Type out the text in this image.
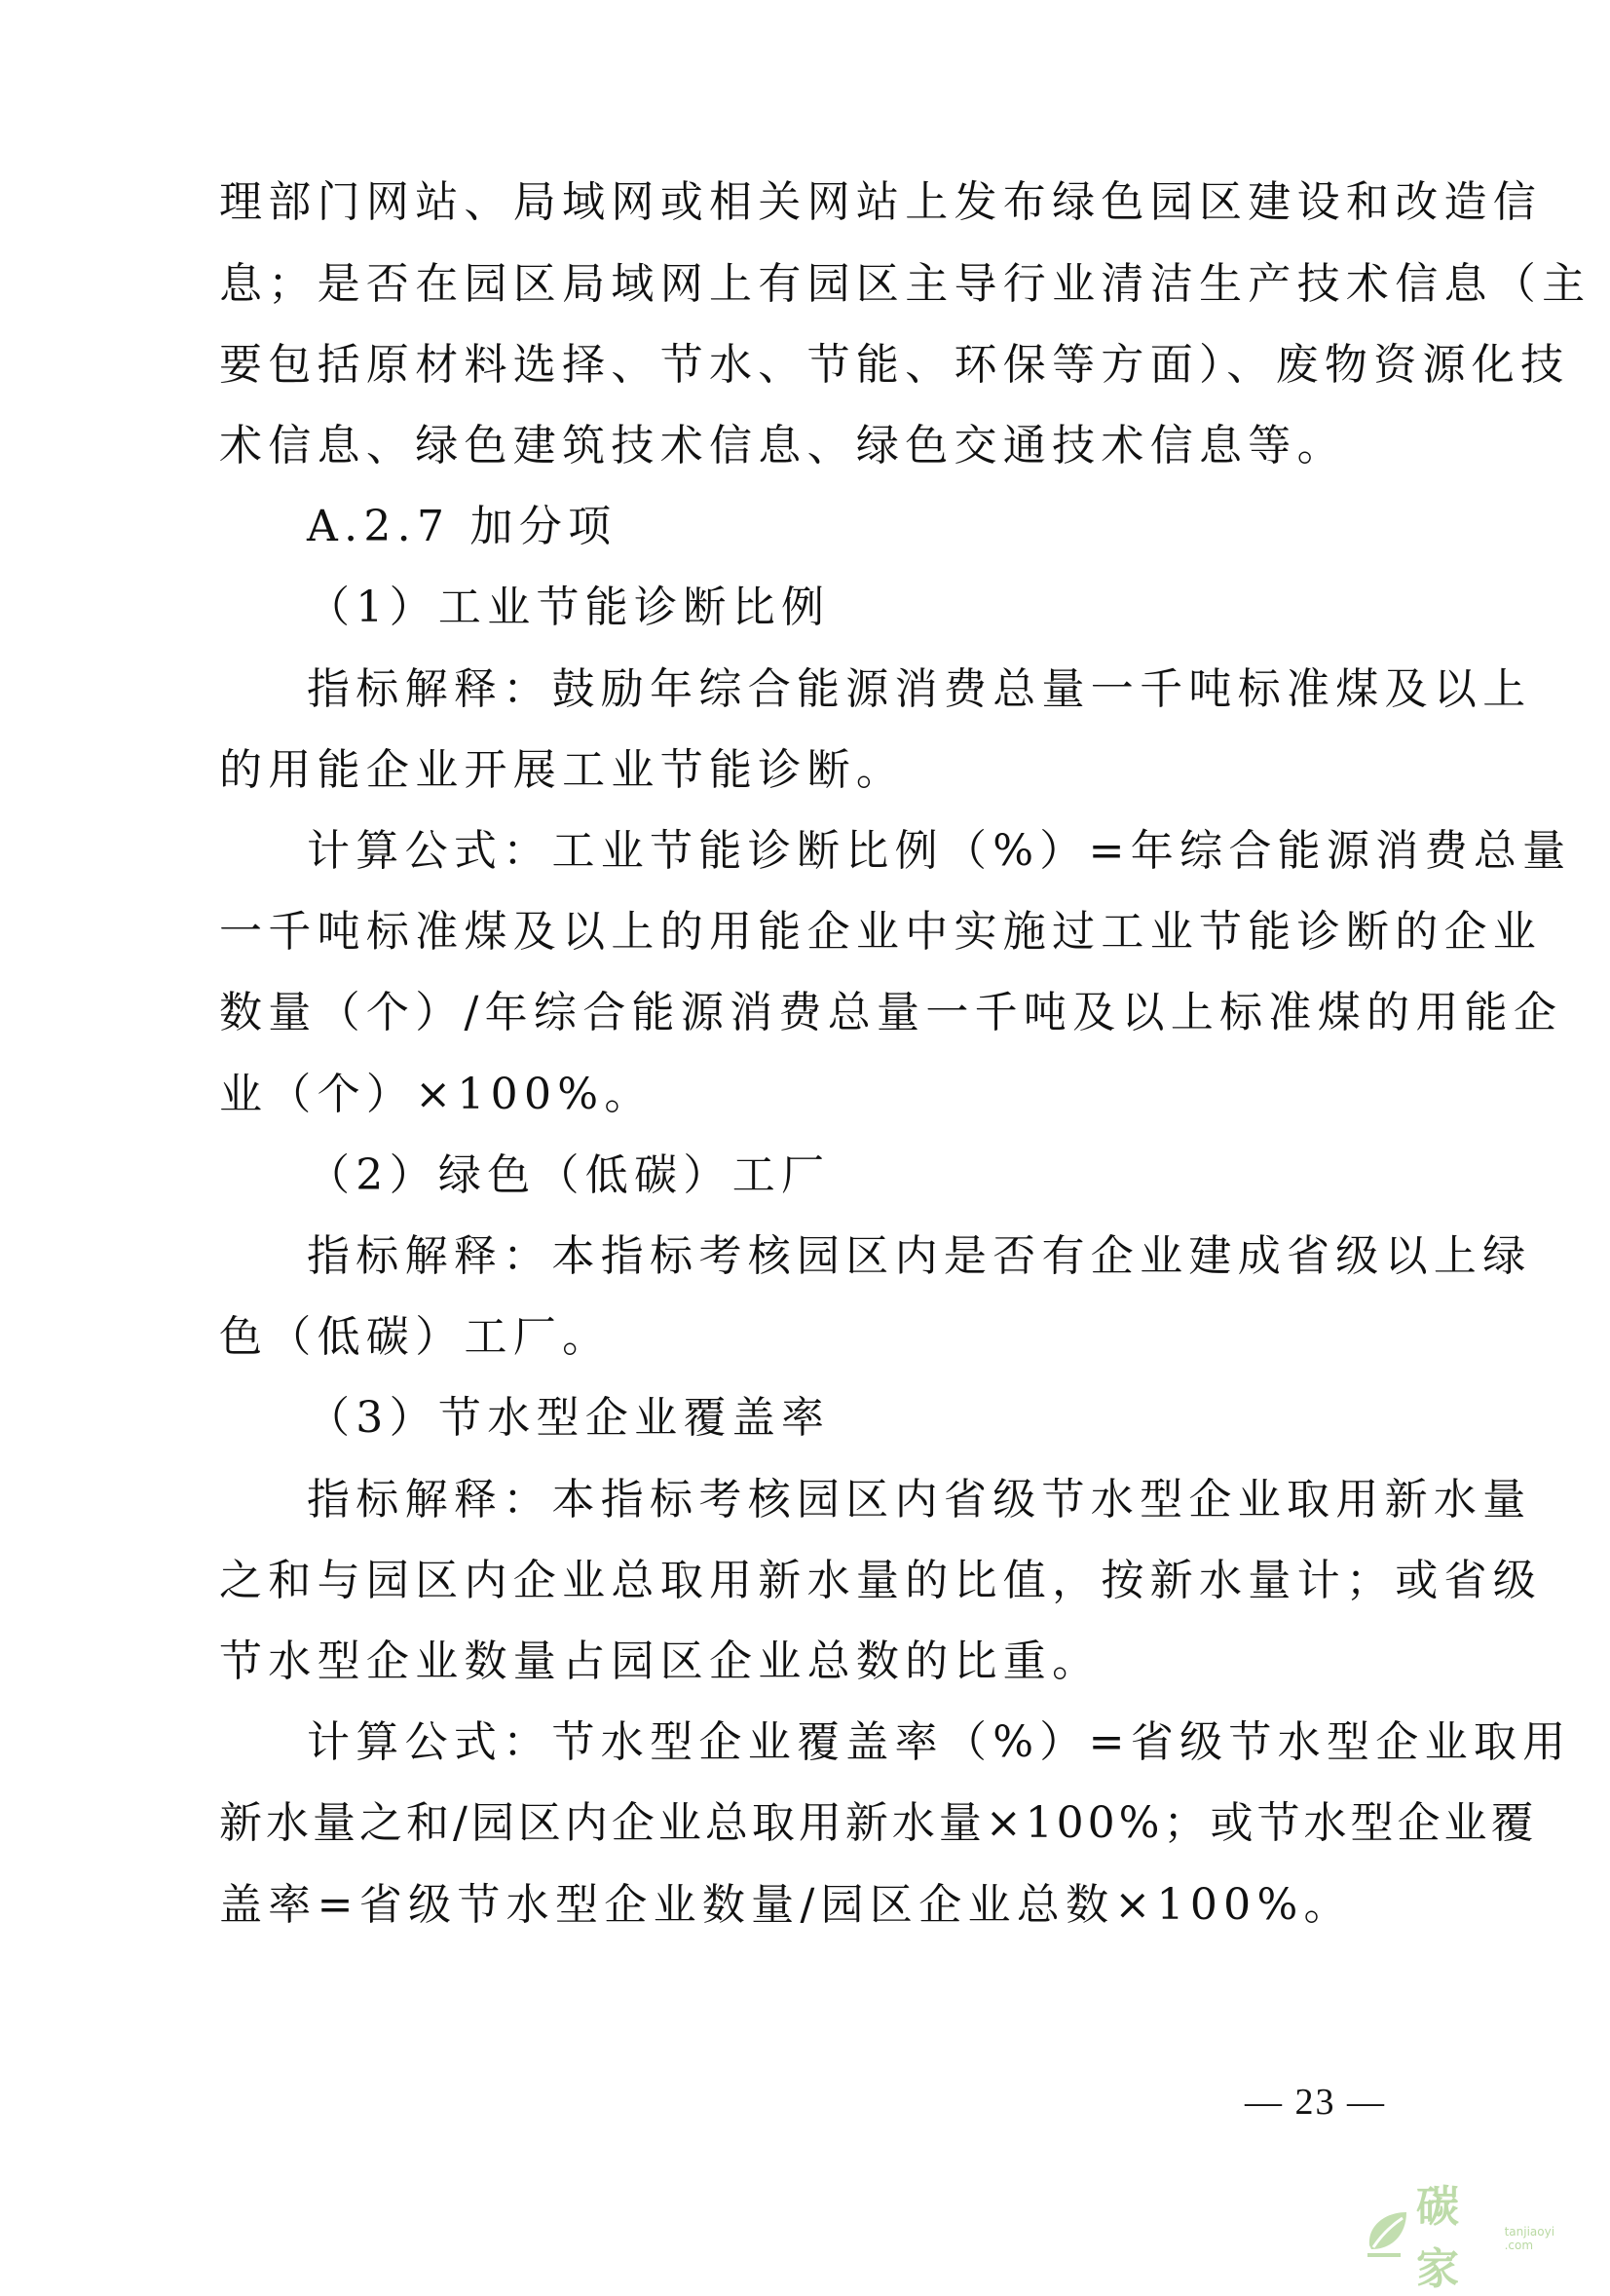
理部门网站、局域网或相关网站上发布绿色园区建设和改造信
息；是否在园区局域网上有园区主导行业清洁生产技术信息（主
要包括原材料选择、节水、节能、环保等方面）、废物资源化技
术信息、绿色建筑技术信息、绿色交通技术信息等。
A.2.7 加分项
（1）工业节能诊断比例
指标解释：鼓励年综合能源消费总量一千吨标准煤及以上
的用能企业开展工业节能诊断。
计算公式：工业节能诊断比例（%）=年综合能源消费总量
一千吨标准煤及以上的用能企业中实施过工业节能诊断的企业
数量（个）/年综合能源消费总量一千吨及以上标准煤的用能企
业（个）×100%。
（2）绿色（低碳）工厂
指标解释：本指标考核园区内是否有企业建成省级以上绿
色（低碳）工厂。
（3）节水型企业覆盖率
指标解释：本指标考核园区内省级节水型企业取用新水量
之和与园区内企业总取用新水量的比值，按新水量计；或省级
节水型企业数量占园区企业总数的比重。
计算公式：节水型企业覆盖率（%）=省级节水型企业取用
新水量之和/园区内企业总取用新水量×100%；或节水型企业覆
盖率=省级节水型企业数量/园区企业总数×100%。
— 23 —
碳家
tanjiaoyi .com
